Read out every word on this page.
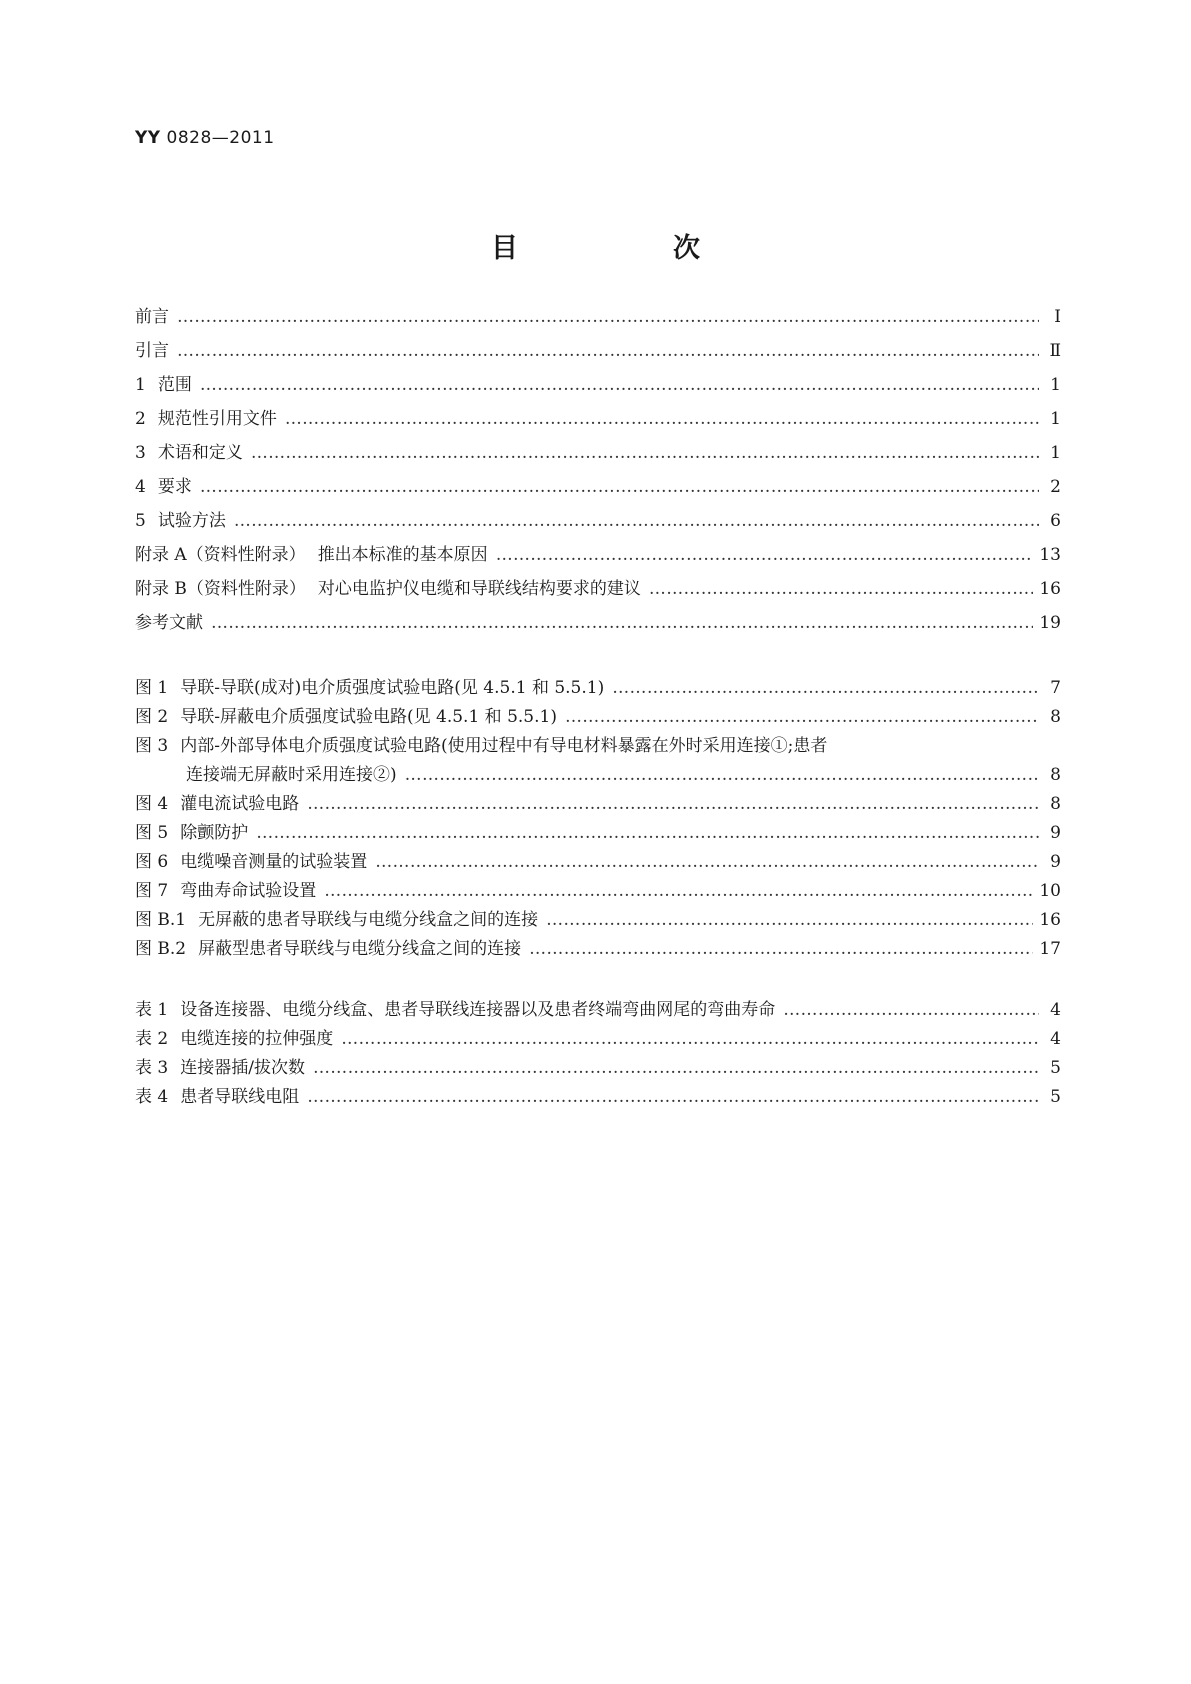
YY 0828—2011
目　次
前言 ………………………………………………………………………………………………………………………………………………………………………………………………………………………………………………………………………………………………………………	Ⅰ
引言 ………………………………………………………………………………………………………………………………………………………………………………………………………………………………………………………………………………………………………………	Ⅱ
1 范围 ………………………………………………………………………………………………………………………………………………………………………………………………………………………………………………………………………………………………………………	1
2 规范性引用文件 ………………………………………………………………………………………………………………………………………………………………………………………………………………………………………………………………………………………………………………	1
3 术语和定义 ………………………………………………………………………………………………………………………………………………………………………………………………………………………………………………………………………………………………………………	1
4 要求 ………………………………………………………………………………………………………………………………………………………………………………………………………………………………………………………………………………………………………………	2
5 试验方法 ………………………………………………………………………………………………………………………………………………………………………………………………………………………………………………………………………………………………………………	6
附录 A（资料性附录） 推出本标准的基本原因 ………………………………………………………………………………………………………………………………………………………………………………………………………………………………………………………………………………………………………………	13
附录 B（资料性附录） 对心电监护仪电缆和导联线结构要求的建议 ………………………………………………………………………………………………………………………………………………………………………………………………………………………………………………………………………………………………………………	16
参考文献 ………………………………………………………………………………………………………………………………………………………………………………………………………………………………………………………………………………………………………………	19
图 1 导联-导联(成对)电介质强度试验电路(见 4.5.1 和 5.5.1) ………………………………………………………………………………………………………………………………………………………………………………………………………………………………………………………………………………………………………………	7
图 2 导联-屏蔽电介质强度试验电路(见 4.5.1 和 5.5.1) ………………………………………………………………………………………………………………………………………………………………………………………………………………………………………………………………………………………………………………	8
图 3 内部-外部导体电介质强度试验电路(使用过程中有导电材料暴露在外时采用连接①;患者
连接端无屏蔽时采用连接②) ………………………………………………………………………………………………………………………………………………………………………………………………………………………………………………………………………………………………………………	8
图 4 灌电流试验电路 ………………………………………………………………………………………………………………………………………………………………………………………………………………………………………………………………………………………………………………	8
图 5 除颤防护 ………………………………………………………………………………………………………………………………………………………………………………………………………………………………………………………………………………………………………………	9
图 6 电缆噪音测量的试验装置 ………………………………………………………………………………………………………………………………………………………………………………………………………………………………………………………………………………………………………………	9
图 7 弯曲寿命试验设置 ………………………………………………………………………………………………………………………………………………………………………………………………………………………………………………………………………………………………………………	10
图 B.1 无屏蔽的患者导联线与电缆分线盒之间的连接 ………………………………………………………………………………………………………………………………………………………………………………………………………………………………………………………………………………………………………………	16
图 B.2 屏蔽型患者导联线与电缆分线盒之间的连接 ………………………………………………………………………………………………………………………………………………………………………………………………………………………………………………………………………………………………………………	17
表 1 设备连接器、电缆分线盒、患者导联线连接器以及患者终端弯曲网尾的弯曲寿命 ………………………………………………………………………………………………………………………………………………………………………………………………………………………………………………………………………………………………………………	4
表 2 电缆连接的拉伸强度 ………………………………………………………………………………………………………………………………………………………………………………………………………………………………………………………………………………………………………………	4
表 3 连接器插/拔次数 ………………………………………………………………………………………………………………………………………………………………………………………………………………………………………………………………………………………………………………	5
表 4 患者导联线电阻 ………………………………………………………………………………………………………………………………………………………………………………………………………………………………………………………………………………………………………………	5
